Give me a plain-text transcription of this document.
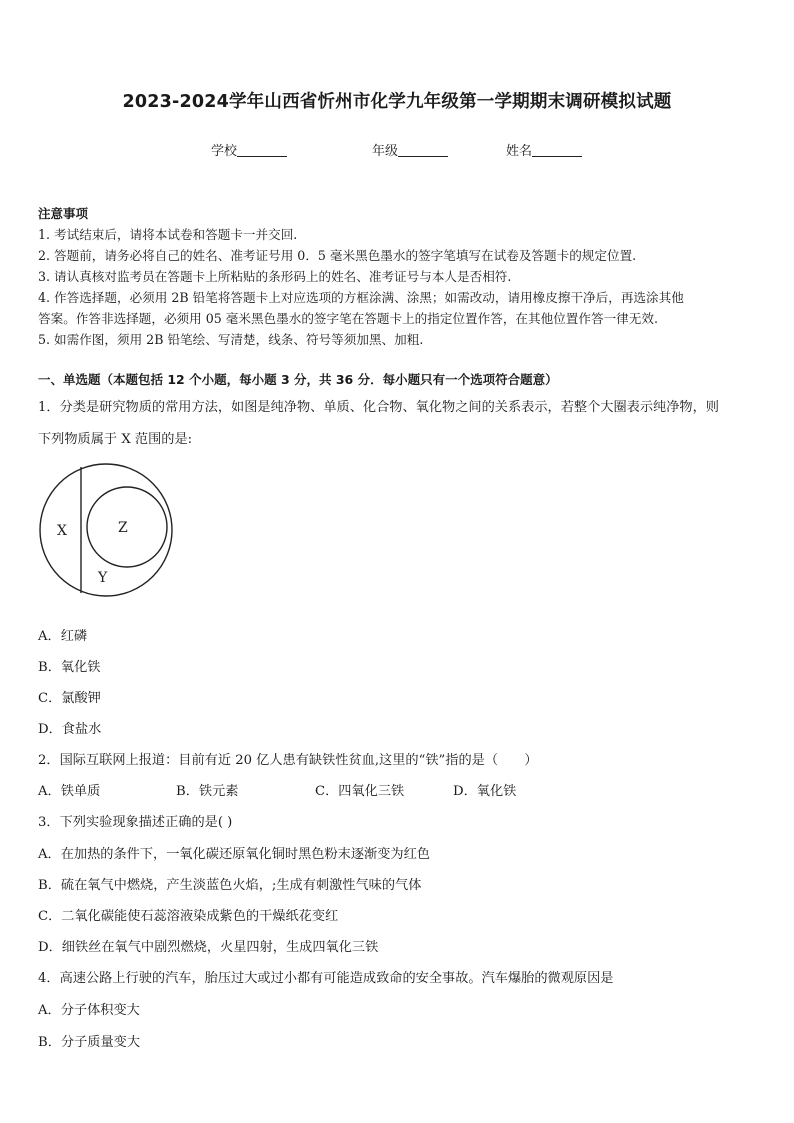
2023-2024学年山西省忻州市化学九年级第一学期期末调研模拟试题
学校	年级	姓名
注意事项
1. 考试结束后，请将本试卷和答题卡一并交回.
2. 答题前，请务必将自己的姓名、准考证号用 0．5 毫米黑色墨水的签字笔填写在试卷及答题卡的规定位置.
3. 请认真核对监考员在答题卡上所粘贴的条形码上的姓名、准考证号与本人是否相符.
4. 作答选择题，必须用 2B 铅笔将答题卡上对应选项的方框涂满、涂黑；如需改动，请用橡皮擦干净后，再选涂其他
答案。作答非选择题，必须用 05 毫米黑色墨水的签字笔在答题卡上的指定位置作答，在其他位置作答一律无效.
5. 如需作图，须用 2B 铅笔绘、写清楚，线条、符号等须加黑、加粗.
一、单选题（本题包括 12 个小题，每小题 3 分，共 36 分．每小题只有一个选项符合题意）
1．分类是研究物质的常用方法，如图是纯净物、单质、化合物、氧化物之间的关系表示，若整个大圈表示纯净物，则
下列物质属于 X 范围的是:
X	Z
Y
A．红磷
B．氧化铁
C．氯酸钾
D．食盐水
2．国际互联网上报道：目前有近 20 亿人患有缺铁性贫血,这里的“铁”指的是（　　）
A．铁单质	B．铁元素	C．四氧化三铁	D．氧化铁
3．下列实验现象描述正确的是( )
A．在加热的条件下，一氧化碳还原氧化铜时黑色粉末逐渐变为红色
B．硫在氧气中燃烧，产生淡蓝色火焰，;生成有刺激性气味的气体
C．二氧化碳能使石蕊溶液染成紫色的干燥纸花变红
D．细铁丝在氧气中剧烈燃烧，火星四射，生成四氧化三铁
4．高速公路上行驶的汽车，胎压过大或过小都有可能造成致命的安全事故。汽车爆胎的微观原因是
A．分子体积变大
B．分子质量变大
